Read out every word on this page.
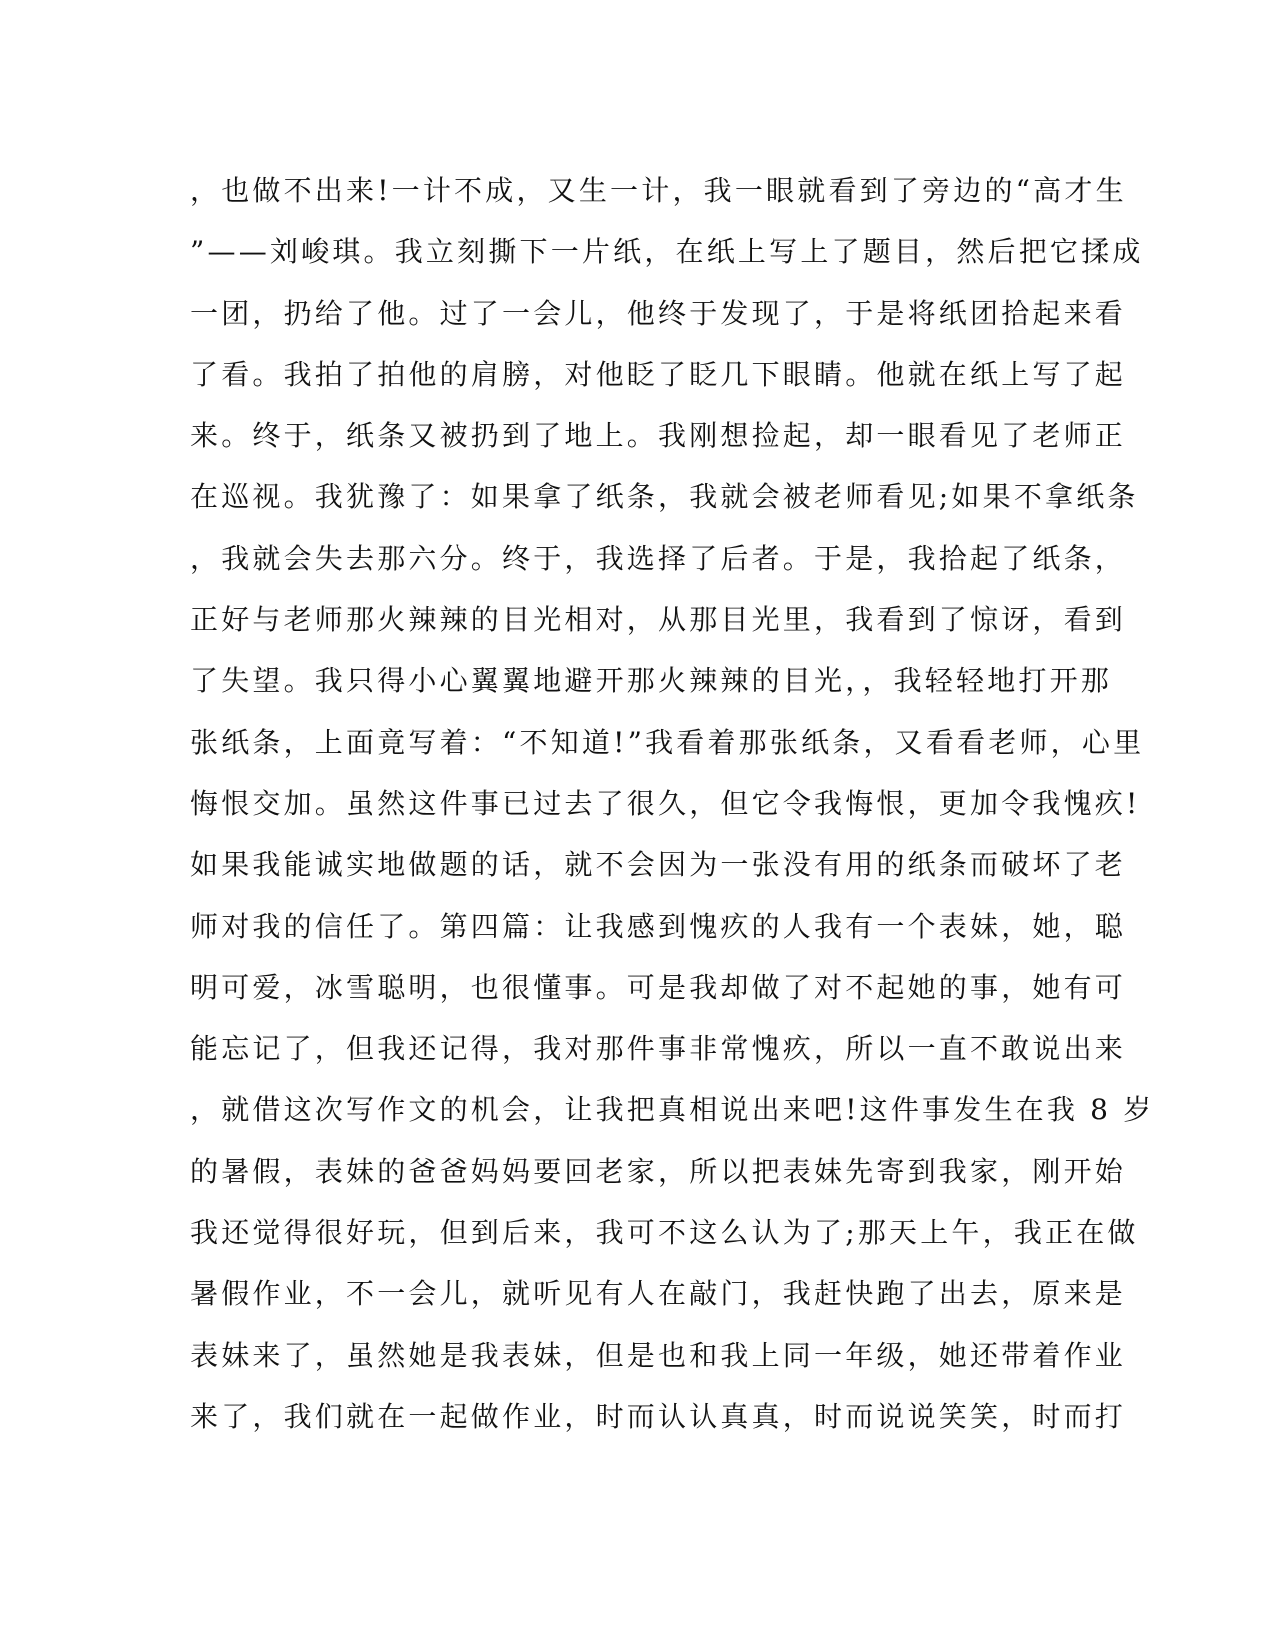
，也做不出来!一计不成，又生一计，我一眼就看到了旁边的“高才生
”——刘峻琪。我立刻撕下一片纸，在纸上写上了题目，然后把它揉成
一团，扔给了他。过了一会儿，他终于发现了，于是将纸团拾起来看
了看。我拍了拍他的肩膀，对他眨了眨几下眼睛。他就在纸上写了起
来。终于，纸条又被扔到了地上。我刚想捡起，却一眼看见了老师正
在巡视。我犹豫了：如果拿了纸条，我就会被老师看见;如果不拿纸条
，我就会失去那六分。终于，我选择了后者。于是，我拾起了纸条，
正好与老师那火辣辣的目光相对，从那目光里，我看到了惊讶，看到
了失望。我只得小心翼翼地避开那火辣辣的目光，，我轻轻地打开那
张纸条，上面竟写着：“不知道!”我看着那张纸条，又看看老师，心里
悔恨交加。虽然这件事已过去了很久，但它令我悔恨，更加令我愧疚!
如果我能诚实地做题的话，就不会因为一张没有用的纸条而破坏了老
师对我的信任了。第四篇：让我感到愧疚的人我有一个表妹，她，聪
明可爱，冰雪聪明，也很懂事。可是我却做了对不起她的事，她有可
能忘记了，但我还记得，我对那件事非常愧疚，所以一直不敢说出来
，就借这次写作文的机会，让我把真相说出来吧!这件事发生在我 8 岁
的暑假，表妹的爸爸妈妈要回老家，所以把表妹先寄到我家，刚开始
我还觉得很好玩，但到后来，我可不这么认为了;那天上午，我正在做
暑假作业，不一会儿，就听见有人在敲门，我赶快跑了出去，原来是
表妹来了，虽然她是我表妹，但是也和我上同一年级，她还带着作业
来了，我们就在一起做作业，时而认认真真，时而说说笑笑，时而打
